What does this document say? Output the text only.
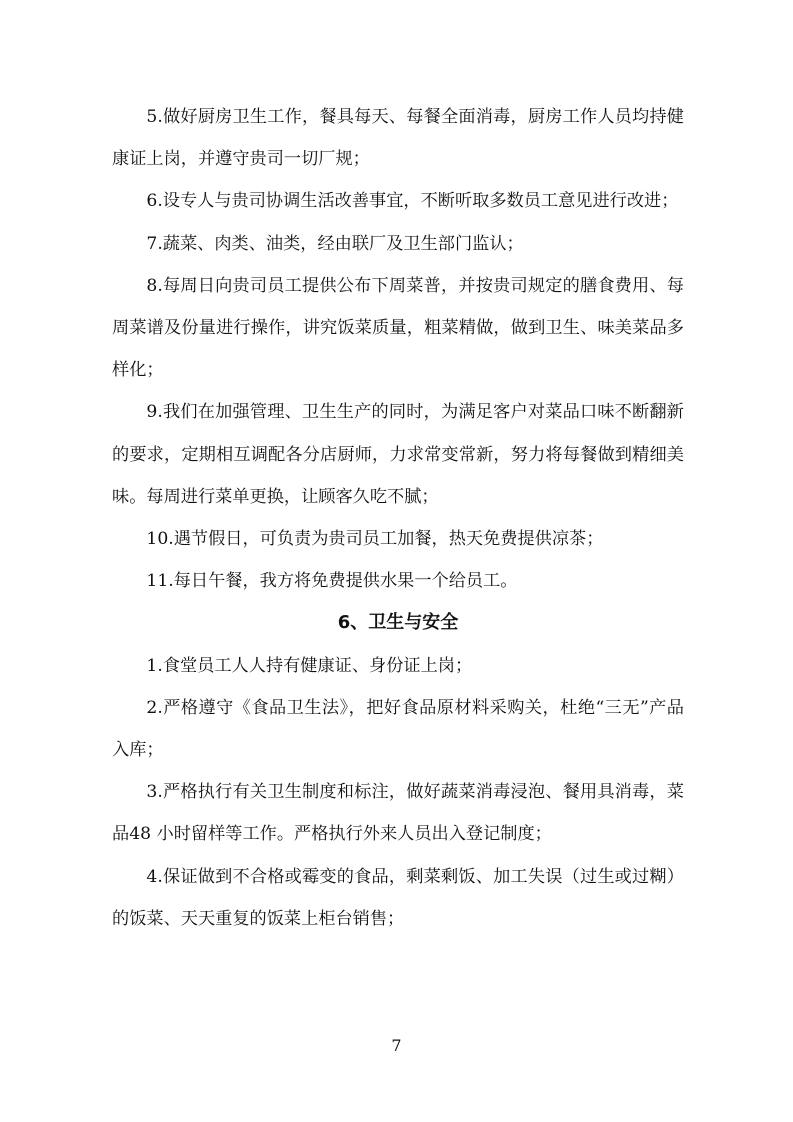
5.做好厨房卫生工作，餐具每天、每餐全面消毒，厨房工作人员均持健康证上岗，并遵守贵司一切厂规；

6.设专人与贵司协调生活改善事宜，不断听取多数员工意见进行改进；

7.蔬菜、肉类、油类，经由联厂及卫生部门监认；

8.每周日向贵司员工提供公布下周菜普，并按贵司规定的膳食费用、每周菜谱及份量进行操作，讲究饭菜质量，粗菜精做，做到卫生、味美菜品多样化；

9.我们在加强管理、卫生生产的同时，为满足客户对菜品口味不断翻新的要求，定期相互调配各分店厨师，力求常变常新，努力将每餐做到精细美味。每周进行菜单更换，让顾客久吃不腻；

10.遇节假日，可负责为贵司员工加餐，热天免费提供凉茶；

11.每日午餐，我方将免费提供水果一个给员工。

6、卫生与安全

1.食堂员工人人持有健康证、身份证上岗；

2.严格遵守《食品卫生法》，把好食品原材料采购关，杜绝“三无”产品入库；

3.严格执行有关卫生制度和标注，做好蔬菜消毒浸泡、餐用具消毒，菜品48 小时留样等工作。严格执行外来人员出入登记制度；

4.保证做到不合格或霉变的食品，剩菜剩饭、加工失误（过生或过糊）的饭菜、天天重复的饭菜上柜台销售；

7
